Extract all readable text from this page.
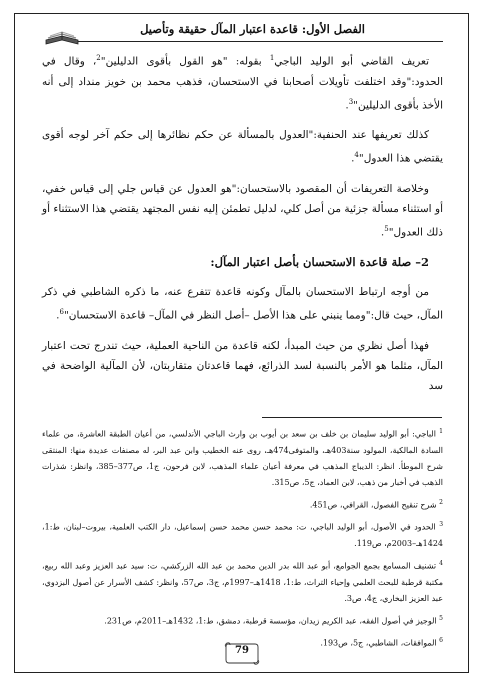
الفصل الأول: قاعدة اعتبار المآل حقيقة وتأصيل

تعريف القاضي أبو الوليد الباجي$^1$ بقوله: "هو القول بأقوى الدليلين"$^2$، وقال في الحدود:"وقد اختلفت تأويلات أصحابنا في الاستحسان، فذهب محمد بن خويز منداد إلى أنه الأخذ بأقوى الدليلين"$^3$.

كذلك تعريفها عند الحنفية:"العدول بالمسألة عن حكم نظائرها إلى حكم آخر لوجه أقوى يقتضي هذا العدول"$^4$.

وخلاصة التعريفات أن المقصود بالاستحسان:"هو العدول عن قياس جلي إلى قياس خفي، أو استثناء مسألة جزئية من أصل كلي، لدليل تطمئن إليه نفس المجتهد يقتضي هذا الاستثناء أو ذلك العدول"$^5$.

2– صلة قاعدة الاستحسان بأصل اعتبار المآل:

من أوجه ارتباط الاستحسان بالمآل وكونه قاعدة تتفرع عنه، ما ذكره الشاطبي في ذكر المآل، حيث قال:"ومما ينبني على هذا الأصل –أصل النظر في المآل– قاعدة الاستحسان"$^6$.

فهذا أصل نظري من حيث المبدأ، لكنه قاعدة من الناحية العملية، حيث تندرج تحت اعتبار المآل، مثلما هو الأمر بالنسبة لسد الذرائع، فهما قاعدتان متقاربتان، لأن المآلية الواضحة في سد

$^1$ الباجي: أبو الوليد سليمان بن خلف بن سعد بن أيوب بن وارث الباجي الأندلسي، من أعيان الطبقة العاشرة، من علماء السادة المالكية، المولود سنة403هـ، والمتوفى474هـ، روى عنه الخطيب وابن عبد البر، له مصنفات عديدة منها: المنتقى شرح الموطأ. انظر: الديباج المذهب في معرفة أعيان علماء المذهب، لابن فرحون، ج1، ص377–385، وانظر: شذرات الذهب في أخبار من ذهب، لابن العماد، ج5، ص315.

$^2$ شرح تنقيح الفصول، القرافي، ص451.

$^3$ الحدود في الأصول، أبو الوليد الباجي، ت: محمد حسن محمد حسن إسماعيل، دار الكتب العلمية، بيروت–لبنان، ط:1، 1424هـ–2003م، ص119.

$^4$ تشنيف المسامع بجمع الجوامع، أبو عبد الله بدر الدين محمد بن عبد الله الزركشي، ت: سيد عبد العزيز وعبد الله ربيع، مكتبة قرطبة للبحث العلمي وإحياء التراث، ط:1، 1418هـ–1997م، ج3، ص57، وانظر: كشف الأسرار عن أصول البزدوي، عبد العزيز البخاري، ج4، ص3.

$^5$ الوجيز في أصول الفقه، عبد الكريم زيدان، مؤسسة قرطبة، دمشق، ط:1، 1432هـ–2011م، ص231.

$^6$ الموافقات، الشاطبي، ج5، ص193.

79
